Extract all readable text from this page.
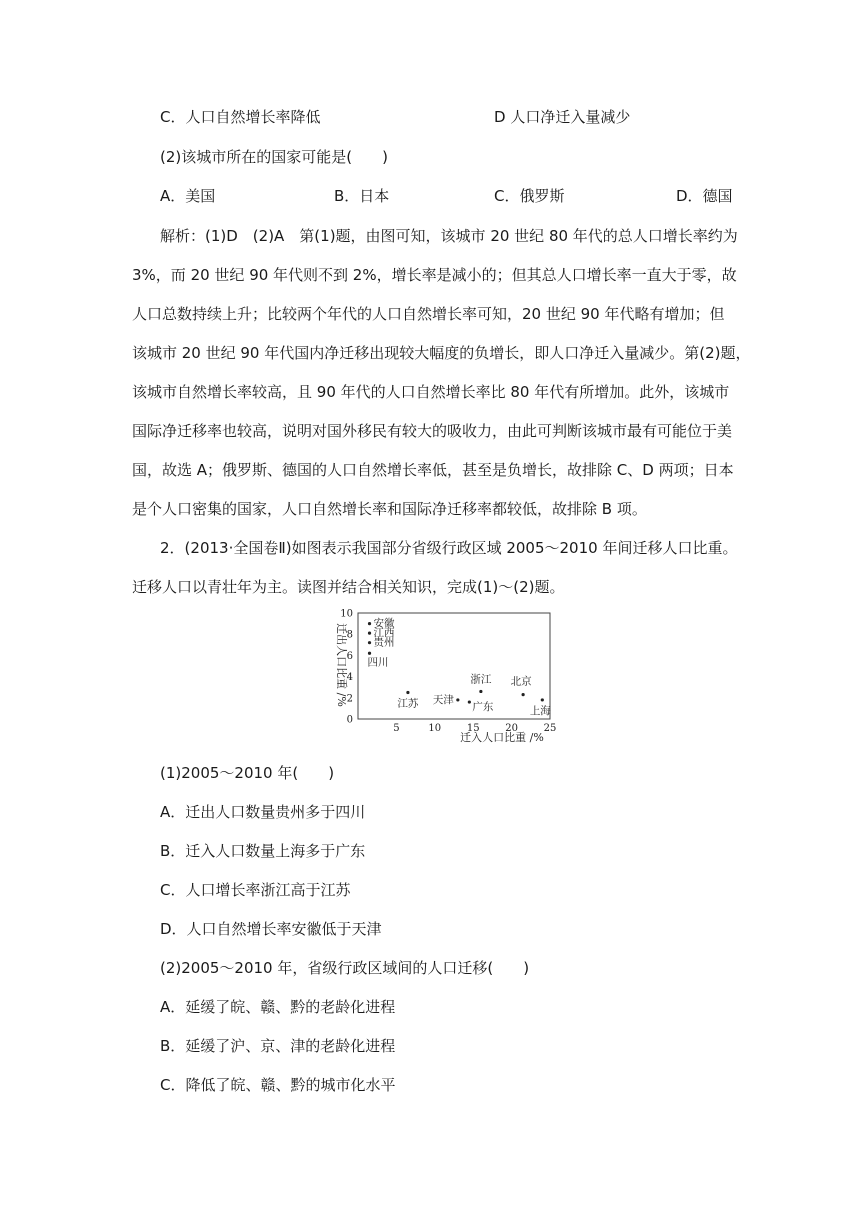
C．人口自然增长率降低	D 人口净迁入量减少
(2)该城市所在的国家可能是(　　)
A．美国	B．日本	C．俄罗斯	D．德国
解析：(1)D　(2)A　第(1)题，由图可知，该城市 20 世纪 80 年代的总人口增长率约为
3%，而 20 世纪 90 年代则不到 2%，增长率是减小的；但其总人口增长率一直大于零，故
人口总数持续上升；比较两个年代的人口自然增长率可知，20 世纪 90 年代略有增加；但
该城市 20 世纪 90 年代国内净迁移出现较大幅度的负增长，即人口净迁入量减少。第(2)题，
该城市自然增长率较高，且 90 年代的人口自然增长率比 80 年代有所增加。此外，该城市
国际净迁移率也较高，说明对国外移民有较大的吸收力，由此可判断该城市最有可能位于美
国，故选 A；俄罗斯、德国的人口自然增长率低，甚至是负增长，故排除 C、D 两项；日本
是个人口密集的国家，人口自然增长率和国际净迁移率都较低，故排除 B 项。
2．(2013·全国卷Ⅱ)如图表示我国部分省级行政区域 2005～2010 年间迁移人口比重。
迁移人口以青壮年为主。读图并结合相关知识，完成(1)～(2)题。
迁出人口比重 /%
迁入人口比重 /%
5	10	15	20	25
0
2
4
6
8
10
安徽
江西
贵州
四川
江苏 天津
浙江
广东
北京
上海
(1)2005～2010 年(　　)
A．迁出人口数量贵州多于四川
B．迁入人口数量上海多于广东
C．人口增长率浙江高于江苏
D．人口自然增长率安徽低于天津
(2)2005～2010 年，省级行政区域间的人口迁移(　　)
A．延缓了皖、赣、黔的老龄化进程
B．延缓了沪、京、津的老龄化进程
C．降低了皖、赣、黔的城市化水平
